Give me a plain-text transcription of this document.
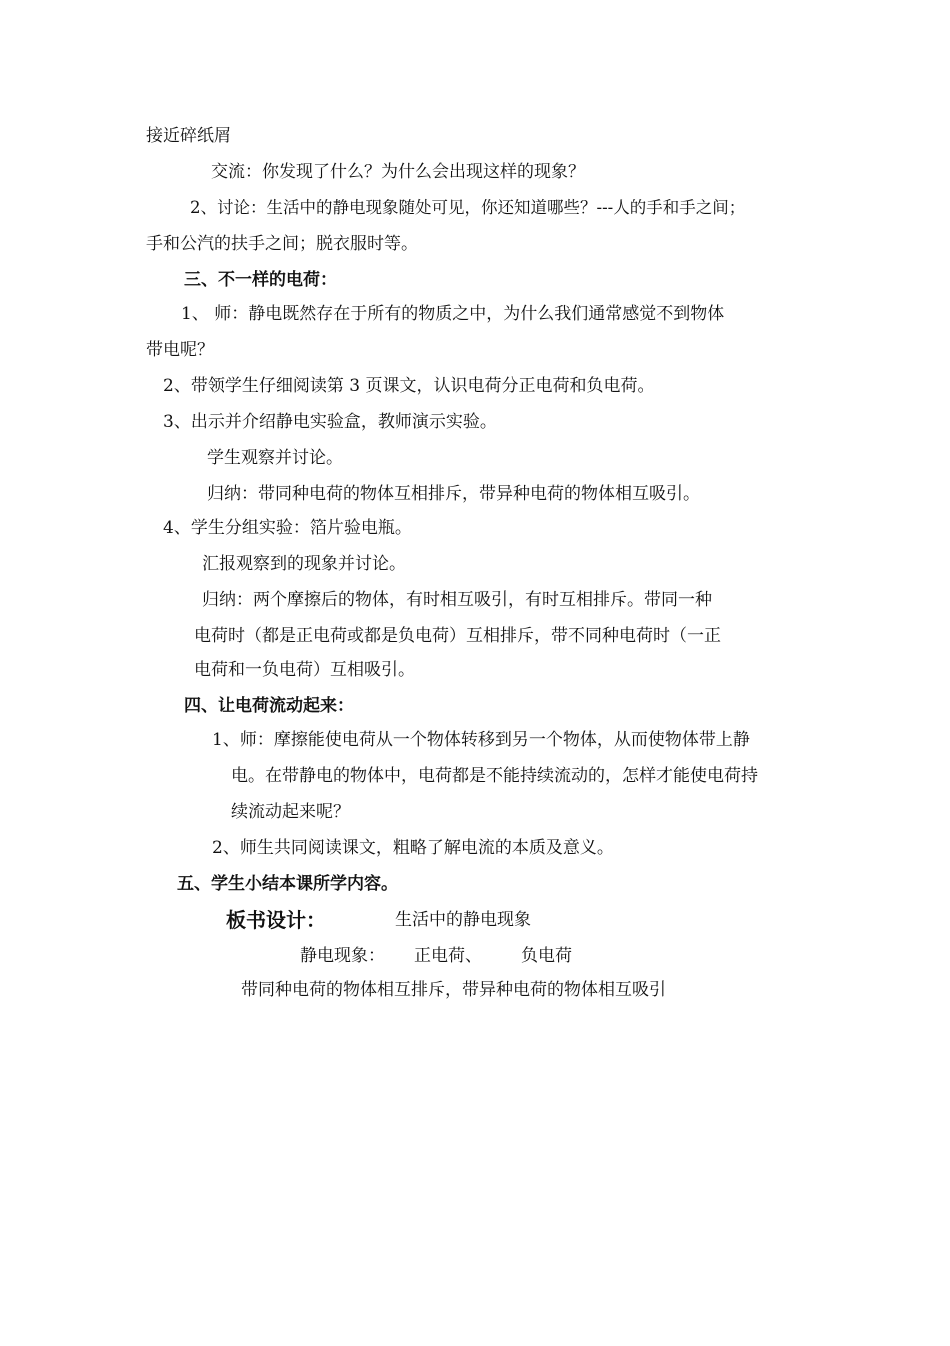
接近碎纸屑
交流：你发现了什么？为什么会出现这样的现象？
2、讨论：生活中的静电现象随处可见，你还知道哪些？---人的手和手之间；
手和公汽的扶手之间；脱衣服时等。
三、不一样的电荷：
1、 师：静电既然存在于所有的物质之中，为什么我们通常感觉不到物体
带电呢？
2、带领学生仔细阅读第 3 页课文，认识电荷分正电荷和负电荷。
3、出示并介绍静电实验盒，教师演示实验。
学生观察并讨论。
归纳：带同种电荷的物体互相排斥，带异种电荷的物体相互吸引。
4、学生分组实验：箔片验电瓶。
汇报观察到的现象并讨论。
归纳：两个摩擦后的物体，有时相互吸引，有时互相排斥。带同一种
电荷时（都是正电荷或都是负电荷）互相排斥，带不同种电荷时（一正
电荷和一负电荷）互相吸引。
四、让电荷流动起来：
1、师：摩擦能使电荷从一个物体转移到另一个物体，从而使物体带上静
电。在带静电的物体中，电荷都是不能持续流动的，怎样才能使电荷持
续流动起来呢？
2、师生共同阅读课文，粗略了解电流的本质及意义。
五、学生小结本课所学内容。
板书设计：	生活中的静电现象
静电现象： 正电荷、 负电荷
带同种电荷的物体相互排斥，带异种电荷的物体相互吸引
